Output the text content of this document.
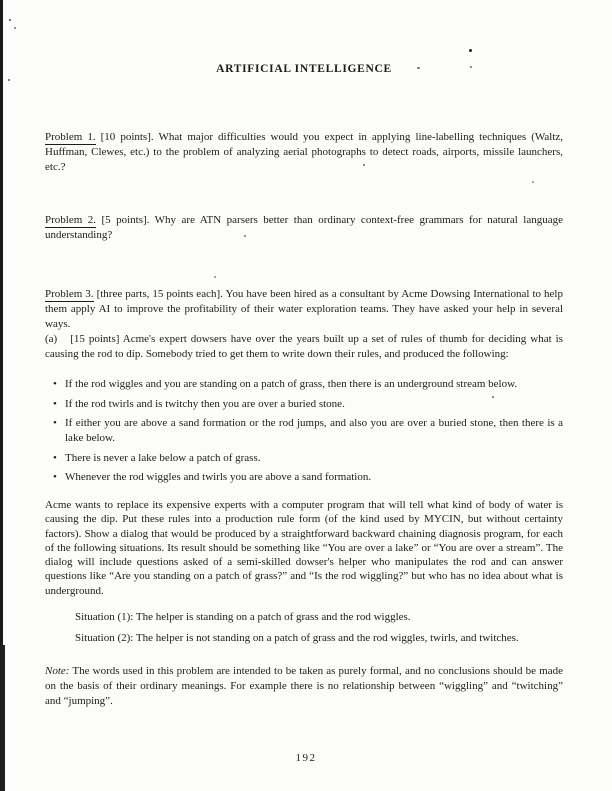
ARTIFICIAL INTELLIGENCE

Problem 1. [10 points]. What major difficulties would you expect in applying line-labelling techniques (Waltz, Huffman, Clewes, etc.) to the problem of analyzing aerial photographs to detect roads, airports, missile launchers, etc.?

Problem 2. [5 points]. Why are ATN parsers better than ordinary context-free grammars for natural language understanding?

Problem 3. [three parts, 15 points each]. You have been hired as a consultant by Acme Dowsing International to help them apply AI to improve the profitability of their water exploration teams. They have asked your help in several ways.

(a) [15 points] Acme's expert dowsers have over the years built up a set of rules of thumb for deciding what is causing the rod to dip. Somebody tried to get them to write down their rules, and produced the following:

• If the rod wiggles and you are standing on a patch of grass, then there is an underground stream below.
• If the rod twirls and is twitchy then you are over a buried stone.
• If either you are above a sand formation or the rod jumps, and also you are over a buried stone, then there is a lake below.
• There is never a lake below a patch of grass.
• Whenever the rod wiggles and twirls you are above a sand formation.

Acme wants to replace its expensive experts with a computer program that will tell what kind of body of water is causing the dip. Put these rules into a production rule form (of the kind used by MYCIN, but without certainty factors). Show a dialog that would be produced by a straightforward backward chaining diagnosis program, for each of the following situations. Its result should be something like “You are over a lake” or “You are over a stream”. The dialog will include questions asked of a semi-skilled dowser's helper who manipulates the rod and can answer questions like “Are you standing on a patch of grass?” and “Is the rod wiggling?” but who has no idea about what is underground.

Situation (1): The helper is standing on a patch of grass and the rod wiggles.

Situation (2): The helper is not standing on a patch of grass and the rod wiggles, twirls, and twitches.

Note: The words used in this problem are intended to be taken as purely formal, and no conclusions should be made on the basis of their ordinary meanings. For example there is no relationship between “wiggling” and “twitching” and “jumping”.

192
